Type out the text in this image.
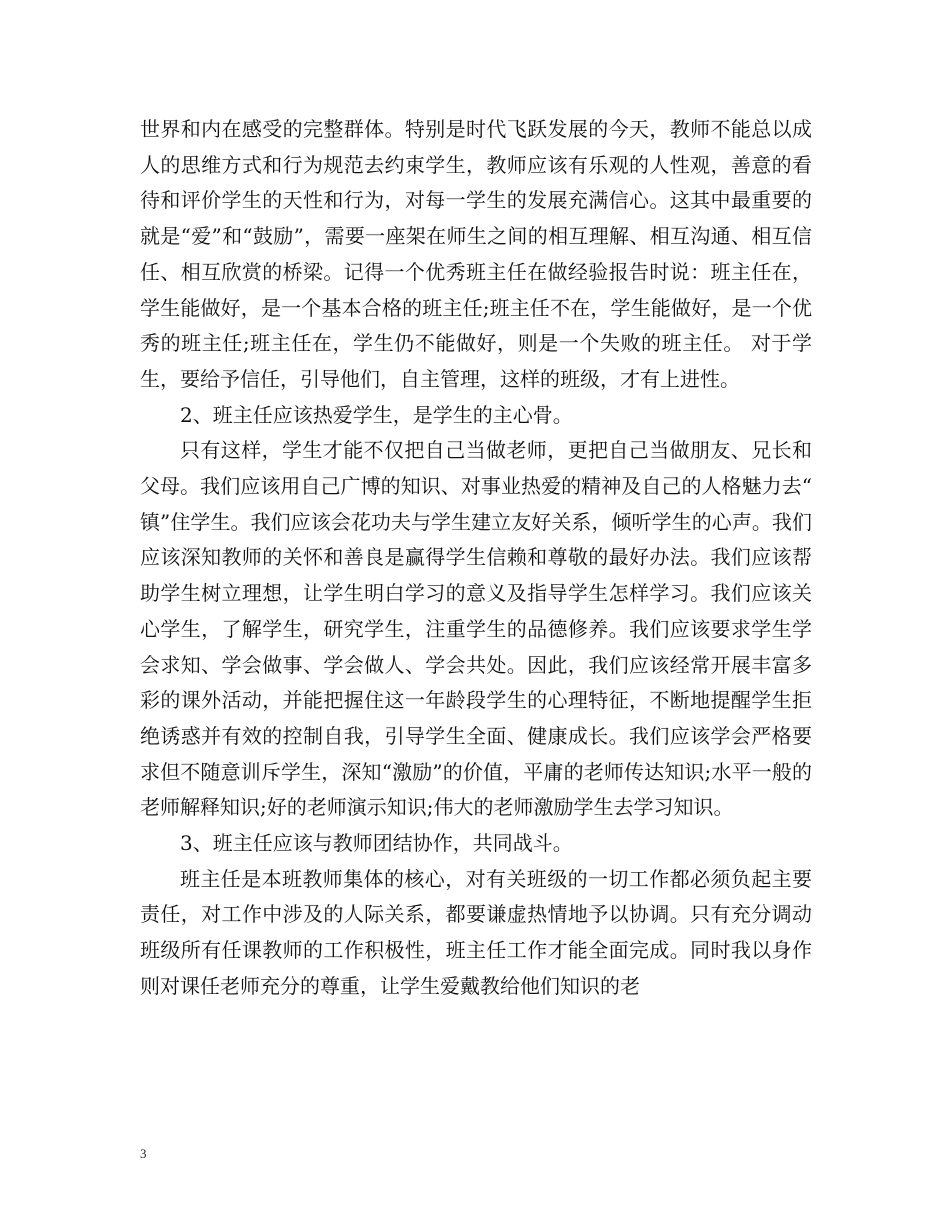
世界和内在感受的完整群体。特别是时代飞跃发展的今天，教师不能总以成人的思维方式和行为规范去约束学生，教师应该有乐观的人性观，善意的看待和评价学生的天性和行为，对每一学生的发展充满信心。这其中最重要的就是“爱”和“鼓励”，需要一座架在师生之间的相互理解、相互沟通、相互信任、相互欣赏的桥梁。记得一个优秀班主任在做经验报告时说：班主任在，学生能做好，是一个基本合格的班主任;班主任不在，学生能做好，是一个优秀的班主任;班主任在，学生仍不能做好，则是一个失败的班主任。 对于学生，要给予信任，引导他们，自主管理，这样的班级，才有上进性。

2、班主任应该热爱学生，是学生的主心骨。

只有这样，学生才能不仅把自己当做老师，更把自己当做朋友、兄长和父母。我们应该用自己广博的知识、对事业热爱的精神及自己的人格魅力去“镇”住学生。我们应该会花功夫与学生建立友好关系，倾听学生的心声。我们应该深知教师的关怀和善良是赢得学生信赖和尊敬的最好办法。我们应该帮助学生树立理想，让学生明白学习的意义及指导学生怎样学习。我们应该关心学生，了解学生，研究学生，注重学生的品德修养。我们应该要求学生学会求知、学会做事、学会做人、学会共处。因此，我们应该经常开展丰富多彩的课外活动，并能把握住这一年龄段学生的心理特征，不断地提醒学生拒绝诱惑并有效的控制自我，引导学生全面、健康成长。我们应该学会严格要求但不随意训斥学生，深知“激励”的价值，平庸的老师传达知识;水平一般的老师解释知识;好的老师演示知识;伟大的老师激励学生去学习知识。

3、班主任应该与教师团结协作，共同战斗。

班主任是本班教师集体的核心，对有关班级的一切工作都必须负起主要责任，对工作中涉及的人际关系，都要谦虚热情地予以协调。只有充分调动班级所有任课教师的工作积极性，班主任工作才能全面完成。同时我以身作则对课任老师充分的尊重，让学生爱戴教给他们知识的老

3
